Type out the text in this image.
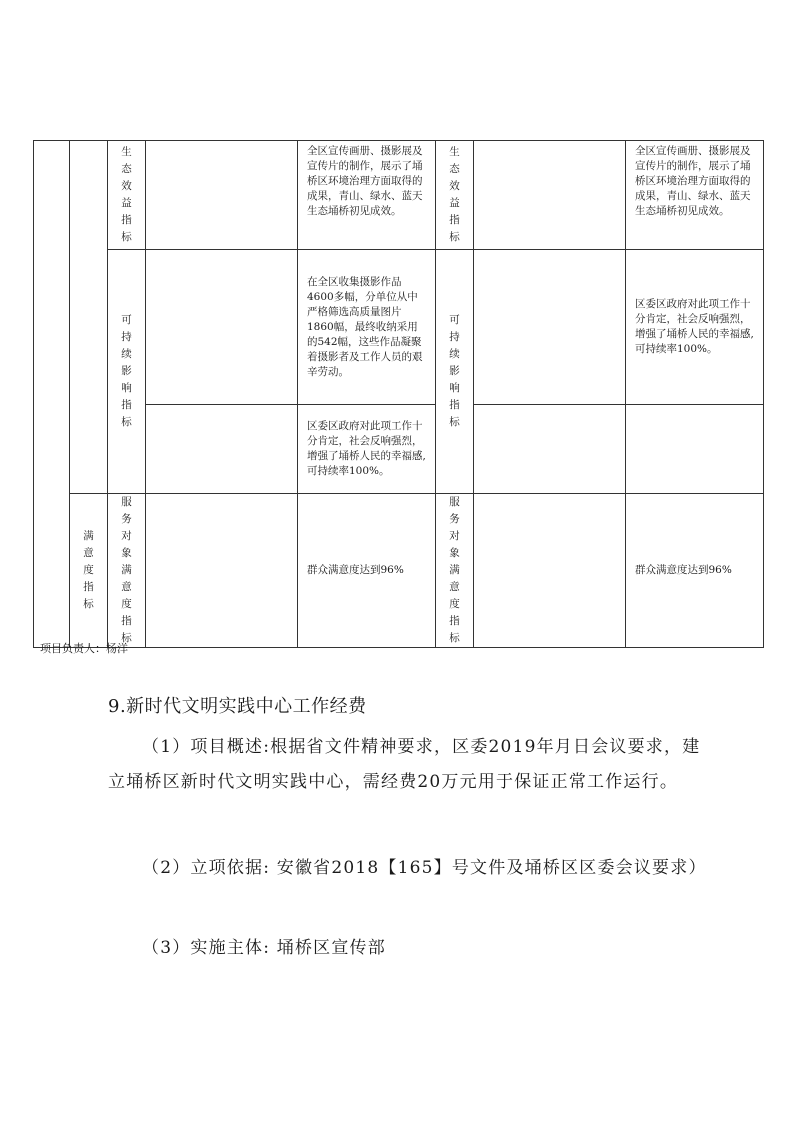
		生态效益指标		全区宣传画册、摄影展及宣传片的制作，展示了埇桥区环境治理方面取得的成果，青山、绿水、蓝天生态埇桥初见成效。	生态效益指标		全区宣传画册、摄影展及宣传片的制作，展示了埇桥区环境治理方面取得的成果，青山、绿水、蓝天生态埇桥初见成效。

		可持续影响指标		在全区收集摄影作品4600多幅，分单位从中严格筛选高质量图片1860幅，最终收纳采用的542幅，这些作品凝聚着摄影者及工作人员的艰辛劳动。	可持续影响指标		区委区政府对此项工作十分肯定，社会反响强烈，增强了埇桥人民的幸福感,可持续率100%。
				区委区政府对此项工作十分肯定，社会反响强烈，增强了埇桥人民的幸福感,可持续率100%。			

	满意度指标	服务对象满意度指标		群众满意度达到96%	服务对象满意度指标		群众满意度达到96%
项目负责人：杨洋
9.新时代文明实践中心工作经费

（1）项目概述:根据省文件精神要求，区委2019年月日会议要求，建立埇桥区新时代文明实践中心，需经费20万元用于保证正常工作运行。

（2）立项依据: 安徽省2018【165】号文件及埇桥区区委会议要求）

（3）实施主体: 埇桥区宣传部
